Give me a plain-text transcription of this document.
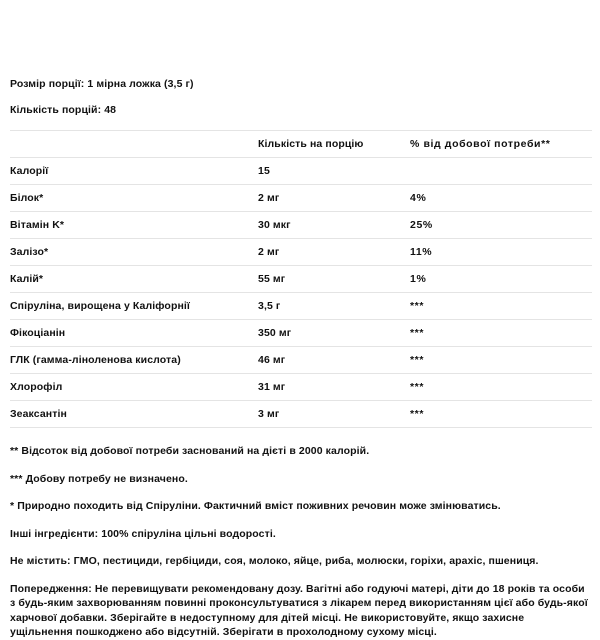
Розмір порції: 1 мірна ложка (3,5 г)
Кількість порцій: 48
	Кількість на порцію	% від добової потреби**
Калорії	15	
Білок*	2 мг	4%
Вітамін K*	30 мкг	25%
Залізо*	2 мг	11%
Калій*	55 мг	1%
Спіруліна, вирощена у Каліфорнії	3,5 г	***
Фікоціанін	350 мг	***
ГЛК (гамма-ліноленова кислота)	46 мг	***
Хлорофіл	31 мг	***
Зеаксантін	3 мг	***

** Відсоток від добової потреби заснований на дієті в 2000 калорій.

*** Добову потребу не визначено.

* Природно походить від Спіруліни. Фактичний вміст поживних речовин може змінюватись.

Інші інгредієнти: 100% спіруліна цільні водорості.

Не містить: ГМО, пестициди, гербіциди, соя, молоко, яйце, риба, молюски, горіхи, арахіс, пшениця.

Попередження: Не перевищувати рекомендовану дозу. Вагітні або годуючі матері, діти до 18 років та особи з будь-яким захворюванням повинні проконсультуватися з лікарем перед використанням цієї або будь-якої харчової добавки. Зберігайте в недоступному для дітей місці. Не використовуйте, якщо захисне ущільнення пошкоджено або відсутній. Зберігати в прохолодному сухому місці.
